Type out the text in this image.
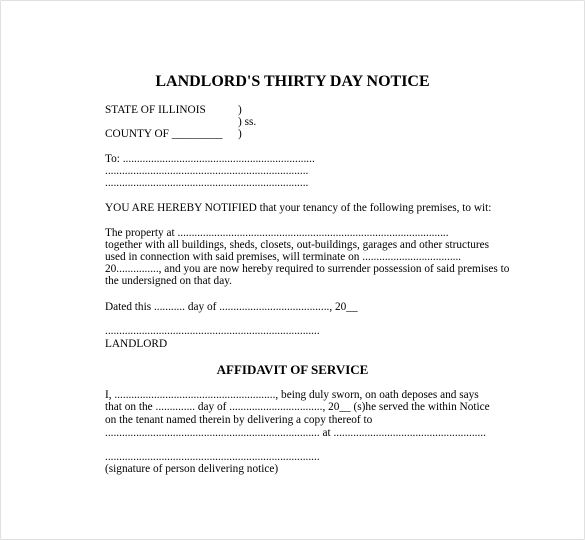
LANDLORD'S THIRTY DAY NOTICE
STATE OF ILLINOIS	)
) ss.
COUNTY OF _________ )
To: ....................................................................
........................................................................
........................................................................
YOU ARE HEREBY NOTIFIED that your tenancy of the following premises, to wit:
The property at ................................................................................................
together with all buildings, sheds, closets, out-buildings, garages and other structures
used in connection with said premises, will terminate on ...................................
20..............., and you are now hereby required to surrender possession of said premises to
the undersigned on that day.
Dated this ........... day of ......................................., 20__
............................................................................
LANDLORD
AFFIDAVIT OF SERVICE
I, ........................................................., being duly sworn, on oath deposes and says
that on the .............. day of ................................., 20__ (s)he served the within Notice
on the tenant named therein by delivering a copy thereof to
............................................................................ at ......................................................
............................................................................
(signature of person delivering notice)
